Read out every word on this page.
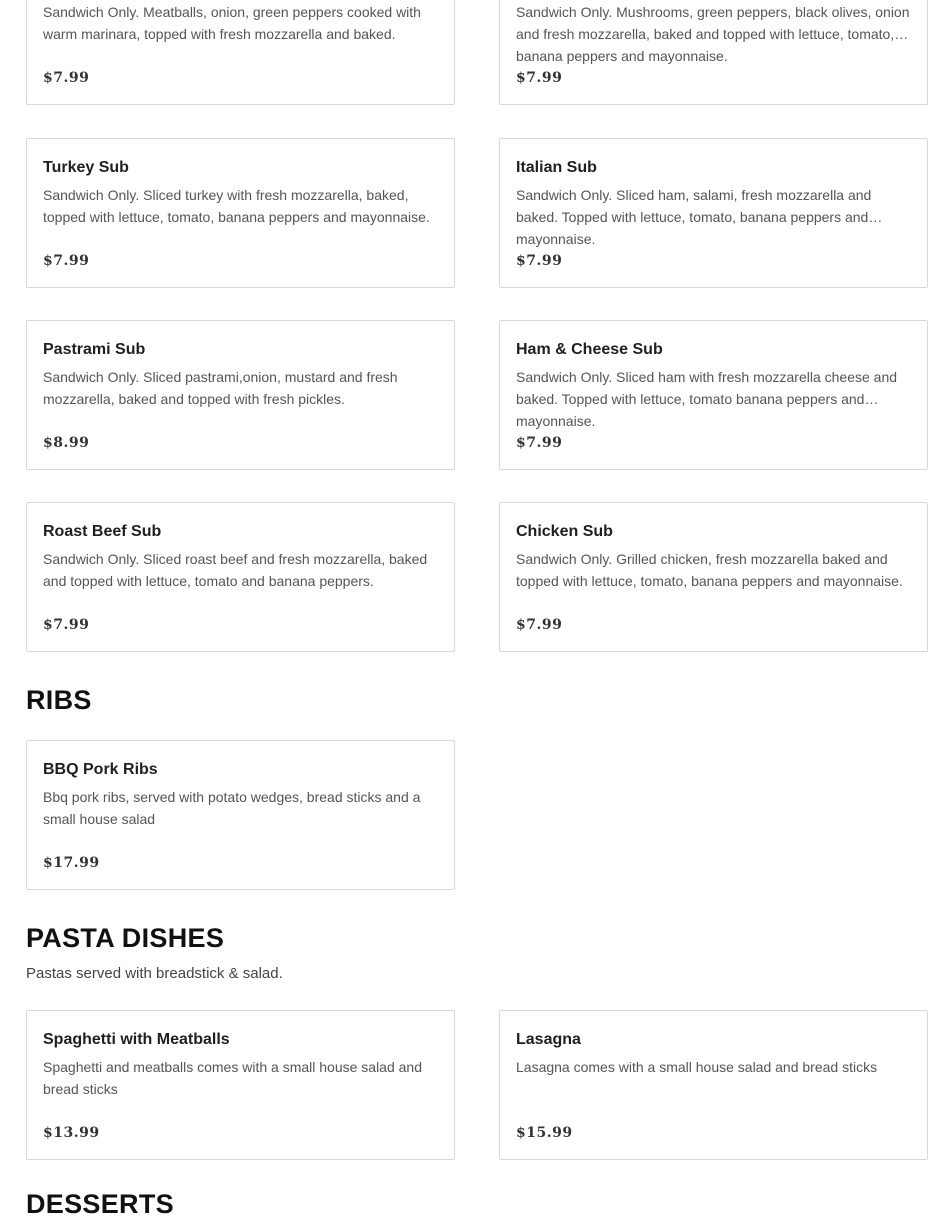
Sandwich Only. Meatballs, onion, green peppers cooked with warm marinara, topped with fresh mozzarella and baked.
$7.99
Sandwich Only. Mushrooms, green peppers, black olives, onion and fresh mozzarella, baked and topped with lettuce, tomato, banana peppers and mayonnaise.
$7.99
Turkey Sub
Sandwich Only. Sliced turkey with fresh mozzarella, baked, topped with lettuce, tomato, banana peppers and mayonnaise.
$7.99
Italian Sub
Sandwich Only. Sliced ham, salami, fresh mozzarella and baked. Topped with lettuce, tomato, banana peppers and mayonnaise.
$7.99
Pastrami Sub
Sandwich Only. Sliced pastrami,onion, mustard and fresh mozzarella, baked and topped with fresh pickles.
$8.99
Ham & Cheese Sub
Sandwich Only. Sliced ham with fresh mozzarella cheese and baked. Topped with lettuce, tomato banana peppers and mayonnaise.
$7.99
Roast Beef Sub
Sandwich Only. Sliced roast beef and fresh mozzarella, baked and topped with lettuce, tomato and banana peppers.
$7.99
Chicken Sub
Sandwich Only. Grilled chicken, fresh mozzarella baked and topped with lettuce, tomato, banana peppers and mayonnaise.
$7.99
RIBS
BBQ Pork Ribs
Bbq pork ribs, served with potato wedges, bread sticks and a small house salad
$17.99
PASTA DISHES

Pastas served with breadstick & salad.

Spaghetti with Meatballs
Spaghetti and meatballs comes with a small house salad and bread sticks
$13.99
Lasagna
Lasagna comes with a small house salad and bread sticks
$15.99
DESSERTS
